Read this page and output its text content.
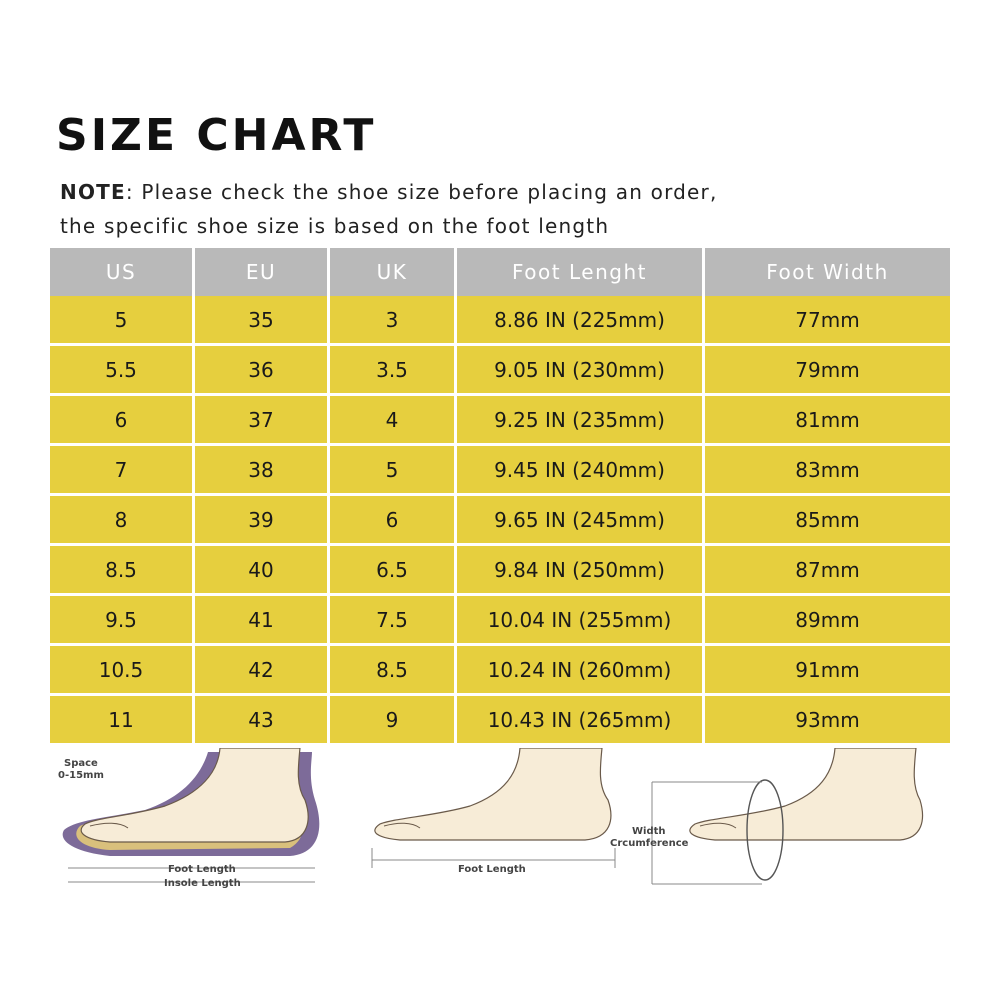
SIZE CHART
NOTE: Please check the shoe size before placing an order,
the specific shoe size is based on the foot length
US	EU	UK	Foot Lenght	Foot Width
5	35	3	8.86 IN (225mm)	77mm
5.5	36	3.5	9.05 IN (230mm)	79mm
6	37	4	9.25 IN (235mm)	81mm
7	38	5	9.45 IN (240mm)	83mm
8	39	6	9.65 IN (245mm)	85mm
8.5	40	6.5	9.84 IN (250mm)	87mm
9.5	41	7.5	10.04 IN (255mm)	89mm
10.5	42	8.5	10.24 IN (260mm)	91mm
11	43	9	10.43 IN (265mm)	93mm
Space
0-15mm
Foot Length
Insole Length
Foot Length
Width
Crcumference
